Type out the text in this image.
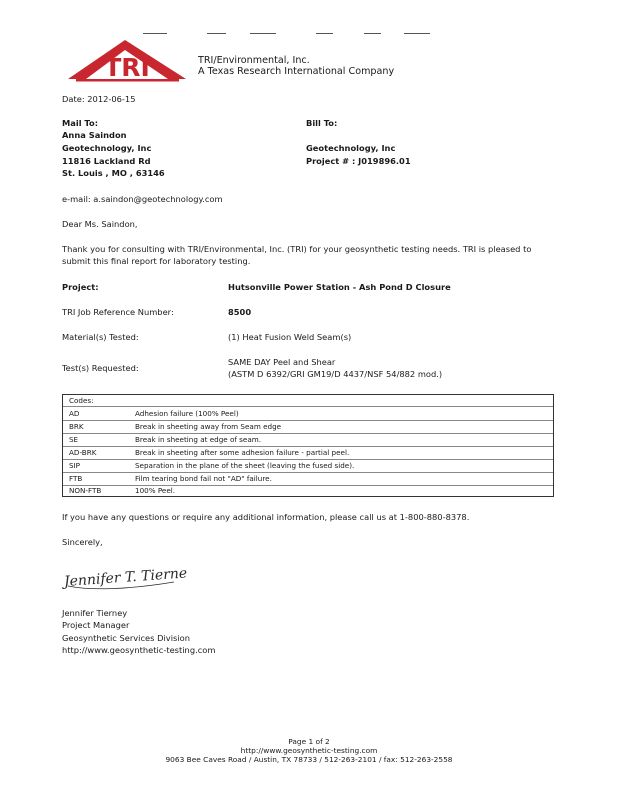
TRI	TRI/Environmental, Inc.
A Texas Research International Company
Date: 2012-06-15
Mail To:
Anna Saindon
Geotechnology, Inc
11816 Lackland Rd
St. Louis , MO , 63146
Bill To:
Geotechnology, Inc
Project # : J019896.01
e-mail: a.saindon@geotechnology.com
Dear Ms. Saindon,
Thank you for consulting with TRI/Environmental, Inc. (TRI) for your geosynthetic testing needs. TRI is pleased to
submit this final report for laboratory testing.
Project:	Hutsonville Power Station - Ash Pond D Closure
TRI Job Reference Number:	8500
Material(s) Tested:	(1) Heat Fusion Weld Seam(s)
Test(s) Requested:
SAME DAY Peel and Shear
(ASTM D 6392/GRI GM19/D 4437/NSF 54/882 mod.)
Codes:
AD	Adhesion failure (100% Peel)
BRK	Break in sheeting away from Seam edge
SE	Break in sheeting at edge of seam.
AD-BRK	Break in sheeting after some adhesion failure - partial peel.
SIP	Separation in the plane of the sheet (leaving the fused side).
FTB	Film tearing bond fail not "AD" failure.
NON-FTB	100% Peel.
If you have any questions or require any additional information, please call us at 1-800-880-8378.
Sincerely,
Jennifer T. Tierney
Jennifer Tierney
Project Manager
Geosynthetic Services Division
http://www.geosynthetic-testing.com
Page 1 of 2
http://www.geosynthetic-testing.com
9063 Bee Caves Road / Austin, TX 78733 / 512-263-2101 / fax: 512-263-2558
